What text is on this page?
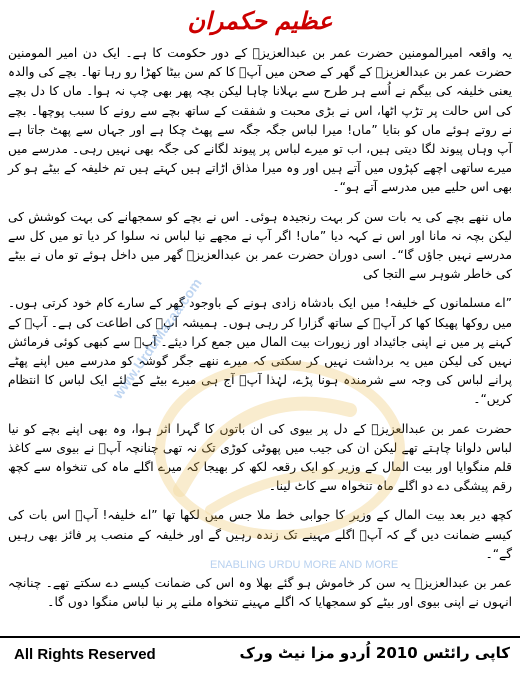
عظیم حکمران

یہ واقعہ امیرالمومنین حضرت عمر بن عبدالعزیزؒ کے دور حکومت کا ہے۔ ایک دن امیر المومنین حضرت عمر بن عبدالعزیزؒ کے گھر کے صحن میں آپؒ کا کم سن بیٹا کھڑا رو رہا تھا۔ بچے کی والدہ یعنی خلیفہ کی بیگم نے اُسے ہر طرح سے بہلانا چاہا لیکن بچہ پھر بھی چپ نہ ہوا۔ ماں کا دل بچے کی اس حالت پر تڑپ اٹھا، اس نے بڑی محبت و شفقت کے ساتھ بچے سے رونے کا سبب پوچھا۔ بچے نے روتے ہوئے ماں کو بتایا ”ماں! میرا لباس جگہ جگہ سے پھٹ چکا ہے اور جہاں سے پھٹ جاتا ہے آپ وہاں پیوند لگا دیتی ہیں، اب تو میرے لباس پر پیوند لگانے کی جگہ بھی نہیں رہی۔ مدرسے میں میرے ساتھی اچھے کپڑوں میں آتے ہیں اور وہ میرا مذاق اڑاتے ہیں کہتے ہیں تم خلیفہ کے بیٹے ہو کر بھی اس حلیے میں مدرسے آتے ہو“۔

ماں ننھے بچے کی یہ بات سن کر بہت رنجیدہ ہوئی۔ اس نے بچے کو سمجھانے کی بہت کوشش کی لیکن بچہ نہ مانا اور اس نے کہہ دیا ”ماں! اگر آپ نے مجھے نیا لباس نہ سلوا کر دیا تو میں کل سے مدرسے نہیں جاؤں گا“۔ اسی دوران حضرت عمر بن عبدالعزیزؒ گھر میں داخل ہوئے تو ماں نے بیٹے کی خاطر شوہر سے التجا کی

”اے مسلمانوں کے خلیفہ! میں ایک بادشاہ زادی ہونے کے باوجود گھر کے سارے کام خود کرتی ہوں۔ میں روکھا پھیکا کھا کر آپؒ کے ساتھ گزارا کر رہی ہوں۔ ہمیشہ آپؒ کی اطاعت کی ہے۔ آپؒ کے کہنے پر میں نے اپنی جائیداد اور زیورات بیت المال میں جمع کرا دیئے۔ آپؒ سے کبھی کوئی فرمائش نہیں کی لیکن میں یہ برداشت نہیں کر سکتی کہ میرے ننھے جگر گوشہ کو مدرسے میں اپنے پھٹے پرانے لباس کی وجہ سے شرمندہ ہونا پڑے، لہٰذا آپؒ آج ہی میرے بیٹے کے لئے ایک لباس کا انتظام کریں“۔

حضرت عمر بن عبدالعزیزؒ کے دل پر بیوی کی ان باتوں کا گہرا اثر ہوا، وہ بھی اپنے بچے کو نیا لباس دلوانا چاہتے تھے لیکن ان کی جیب میں پھوٹی کوڑی تک نہ تھی چنانچہ آپؒ نے بیوی سے کاغذ قلم منگوایا اور بیت المال کے وزیر کو ایک رقعہ لکھ کر بھیجا کہ میرے اگلے ماہ کی تنخواہ سے کچھ رقم پیشگی دے دو اگلے ماہ تنخواہ سے کاٹ لینا۔

کچھ دیر بعد بیت المال کے وزیر کا جوابی خط ملا جس میں لکھا تھا ”اے خلیفہ! آپؒ اس بات کی کیسے ضمانت دیں گے کہ آپؒ اگلے مہینے تک زندہ رہیں گے اور خلیفہ کے منصب پر فائز بھی رہیں گے“۔

عمر بن عبدالعزیزؒ یہ سن کر خاموش ہو گئے بھلا وہ اس کی ضمانت کیسے دے سکتے تھے۔ چنانچہ انہوں نے اپنی بیوی اور بیٹے کو سمجھایا کہ اگلے مہینے تنخواہ ملنے پر نیا لباس منگوا دوں گا۔

www.UrduMazaa.com
ENABLING URDU MORE AND MORE
All Rights Reserved	کاپی رائٹس 2010 اُردو مزا نیٹ ورک
